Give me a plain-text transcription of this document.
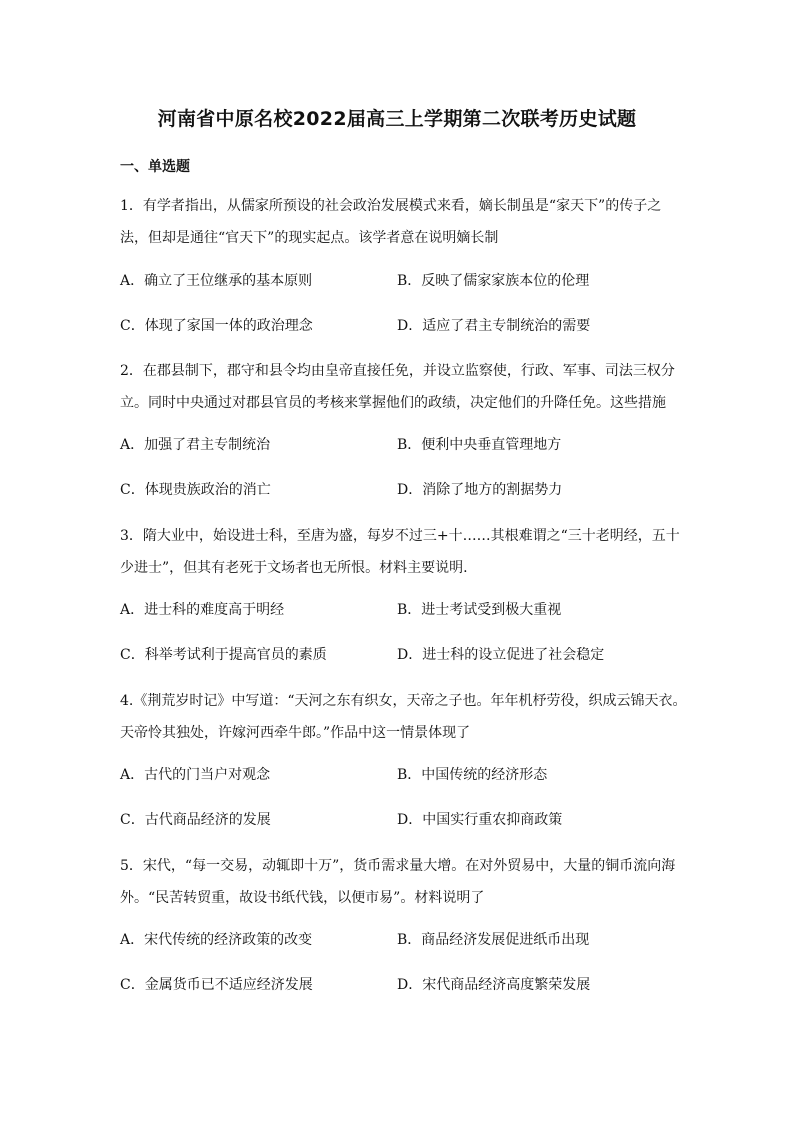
河南省中原名校2022届高三上学期第二次联考历史试题
一、单选题
1．有学者指出，从儒家所预设的社会政治发展模式来看，嫡长制虽是“家天下”的传子之
法，但却是通往“官天下”的现实起点。该学者意在说明嫡长制
A．确立了王位继承的基本原则	B．反映了儒家家族本位的伦理
C．体现了家国一体的政治理念	D．适应了君主专制统治的需要
2．在郡县制下，郡守和县令均由皇帝直接任免，并设立监察使，行政、军事、司法三权分
立。同时中央通过对郡县官员的考核来掌握他们的政绩，决定他们的升降任免。这些措施
A．加强了君主专制统治	B．便利中央垂直管理地方
C．体现贵族政治的消亡	D．消除了地方的割据势力
3．隋大业中，始设进士科，至唐为盛，每岁不过三+十……其根难谓之“三十老明经，五十
少进士”，但其有老死于文场者也无所恨。材料主要说明.
A．进士科的难度高于明经	B．进士考试受到极大重视
C．科举考试利于提高官员的素质	D．进士科的设立促进了社会稳定
4.《荆荒岁时记》中写道：“天河之东有织女，天帝之子也。年年机杼劳役，织成云锦天衣。
天帝怜其独处，许嫁河西牵牛郎。”作品中这一情景体现了
A．古代的门当户对观念	B．中国传统的经济形态
C．古代商品经济的发展	D．中国实行重农抑商政策
5．宋代，“每一交易，动辄即十万”，货币需求量大增。在对外贸易中，大量的铜币流向海
外。“民苦转贸重，故设书纸代钱，以便市易”。材料说明了
A．宋代传统的经济政策的改变	B．商品经济发展促进纸币出现
C．金属货币已不适应经济发展	D．宋代商品经济高度繁荣发展
